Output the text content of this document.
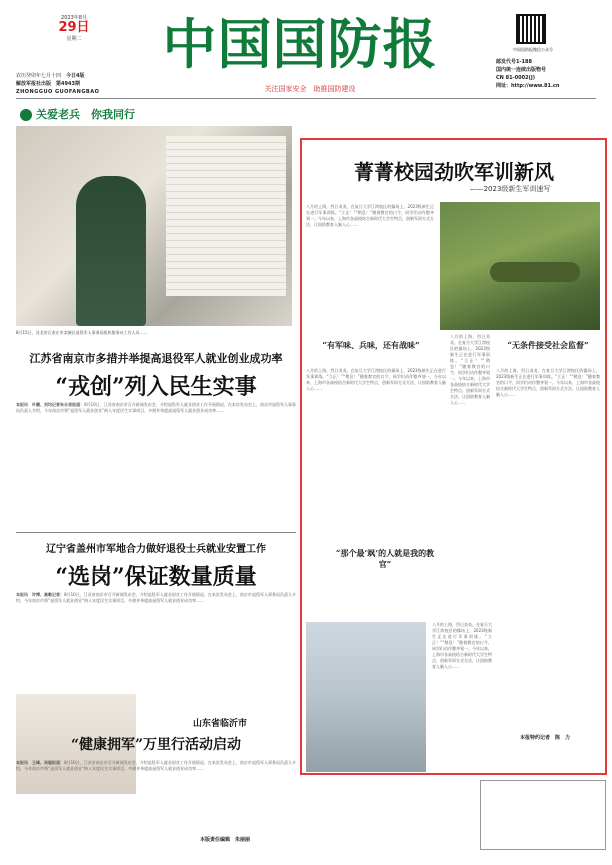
2023年8月
29日
星期二
农历癸卯年七月十四　 今日4版
解放军报社出版　 第4943期
ZHONGGUO GUOFANGBAO
中国国防报
关注国家安全　助推国防建设
中国国防报微信公众号
邮发代号1-188
国内统一连续出版物号
CN 81-0002(J)
网址：http://www.81.cn
关爱老兵　你我同行
8月15日，河北省石家庄市栾城区退役军人事务局组织服务站工作人员……
江苏省南京市多措并举提高退役军人就业创业成功率
“戎创”列入民生实事
本报讯　叶鹏、刘均记者朱永祥报道：8月10日，江苏省南京市召开新闻发布会，介绍退役军人就业创业工作开展情况。在本次发布会上，南京市退役军人事务局负责人介绍，今年南京市将“退役军人就业创业”纳入年度民生实事项目，多措并举提高退役军人就业创业成功率……
辽宁省盖州市军地合力做好退役士兵就业安置工作
“选岗”保证数量质量
本报讯　许博、高歌记者：8月10日，江苏省南京市召开新闻发布会，介绍退役军人就业创业工作开展情况。在本次发布会上，南京市退役军人事务局负责人介绍，今年南京市将“退役军人就业创业”纳入年度民生实事项目，多措并举提高退役军人就业创业成功率……
山东省临沂市
“健康拥军”万里行活动启动
本报讯　王峰、吴聪报道：8月10日，江苏省南京市召开新闻发布会，介绍退役军人就业创业工作开展情况。在本次发布会上，南京市退役军人事务局负责人介绍，今年南京市将“退役军人就业创业”纳入年度民生实事项目，多措并举提高退役军人就业创业成功率……
菁菁校园劲吹军训新风
——2023级新生军训速写
八月的上海，烈日炎炎。在复旦大学江湾校区的操场上，2023级新生正在进行军事训练。“立正！”“稍息！”随着教官的口令，同学们动作整齐划一。今年以来，上海市各高校结合新时代大学生特点，创新军训方式方法，让国防教育入脑入心……
“有军味、兵味，还有战味”
八月的上海，烈日炎炎。在复旦大学江湾校区的操场上，2023级新生正在进行军事训练。“立正！”“稍息！”随着教官的口令，同学们动作整齐划一。今年以来，上海市各高校结合新时代大学生特点，创新军训方式方法，让国防教育入脑入心……
八月的上海，烈日炎炎。在复旦大学江湾校区的操场上，2023级新生正在进行军事训练。“立正！”“稍息！”随着教官的口令，同学们动作整齐划一。今年以来，上海市各高校结合新时代大学生特点，创新军训方式方法，让国防教育入脑入心……
“无条件接受社会监督”
八月的上海，烈日炎炎。在复旦大学江湾校区的操场上，2023级新生正在进行军事训练。“立正！”“稍息！”随着教官的口令，同学们动作整齐划一。今年以来，上海市各高校结合新时代大学生特点，创新军训方式方法，让国防教育入脑入心……
“那个最‘飒’的人就是我的教官”
八月的上海，烈日炎炎。在复旦大学江湾校区的操场上，2023级新生正在进行军事训练。“立正！”“稍息！”随着教官的口令，同学们动作整齐划一。今年以来，上海市各高校结合新时代大学生特点，创新军训方式方法，让国防教育入脑入心……
本报特约记者　陈　力
本版责任编辑　朱丽丽
